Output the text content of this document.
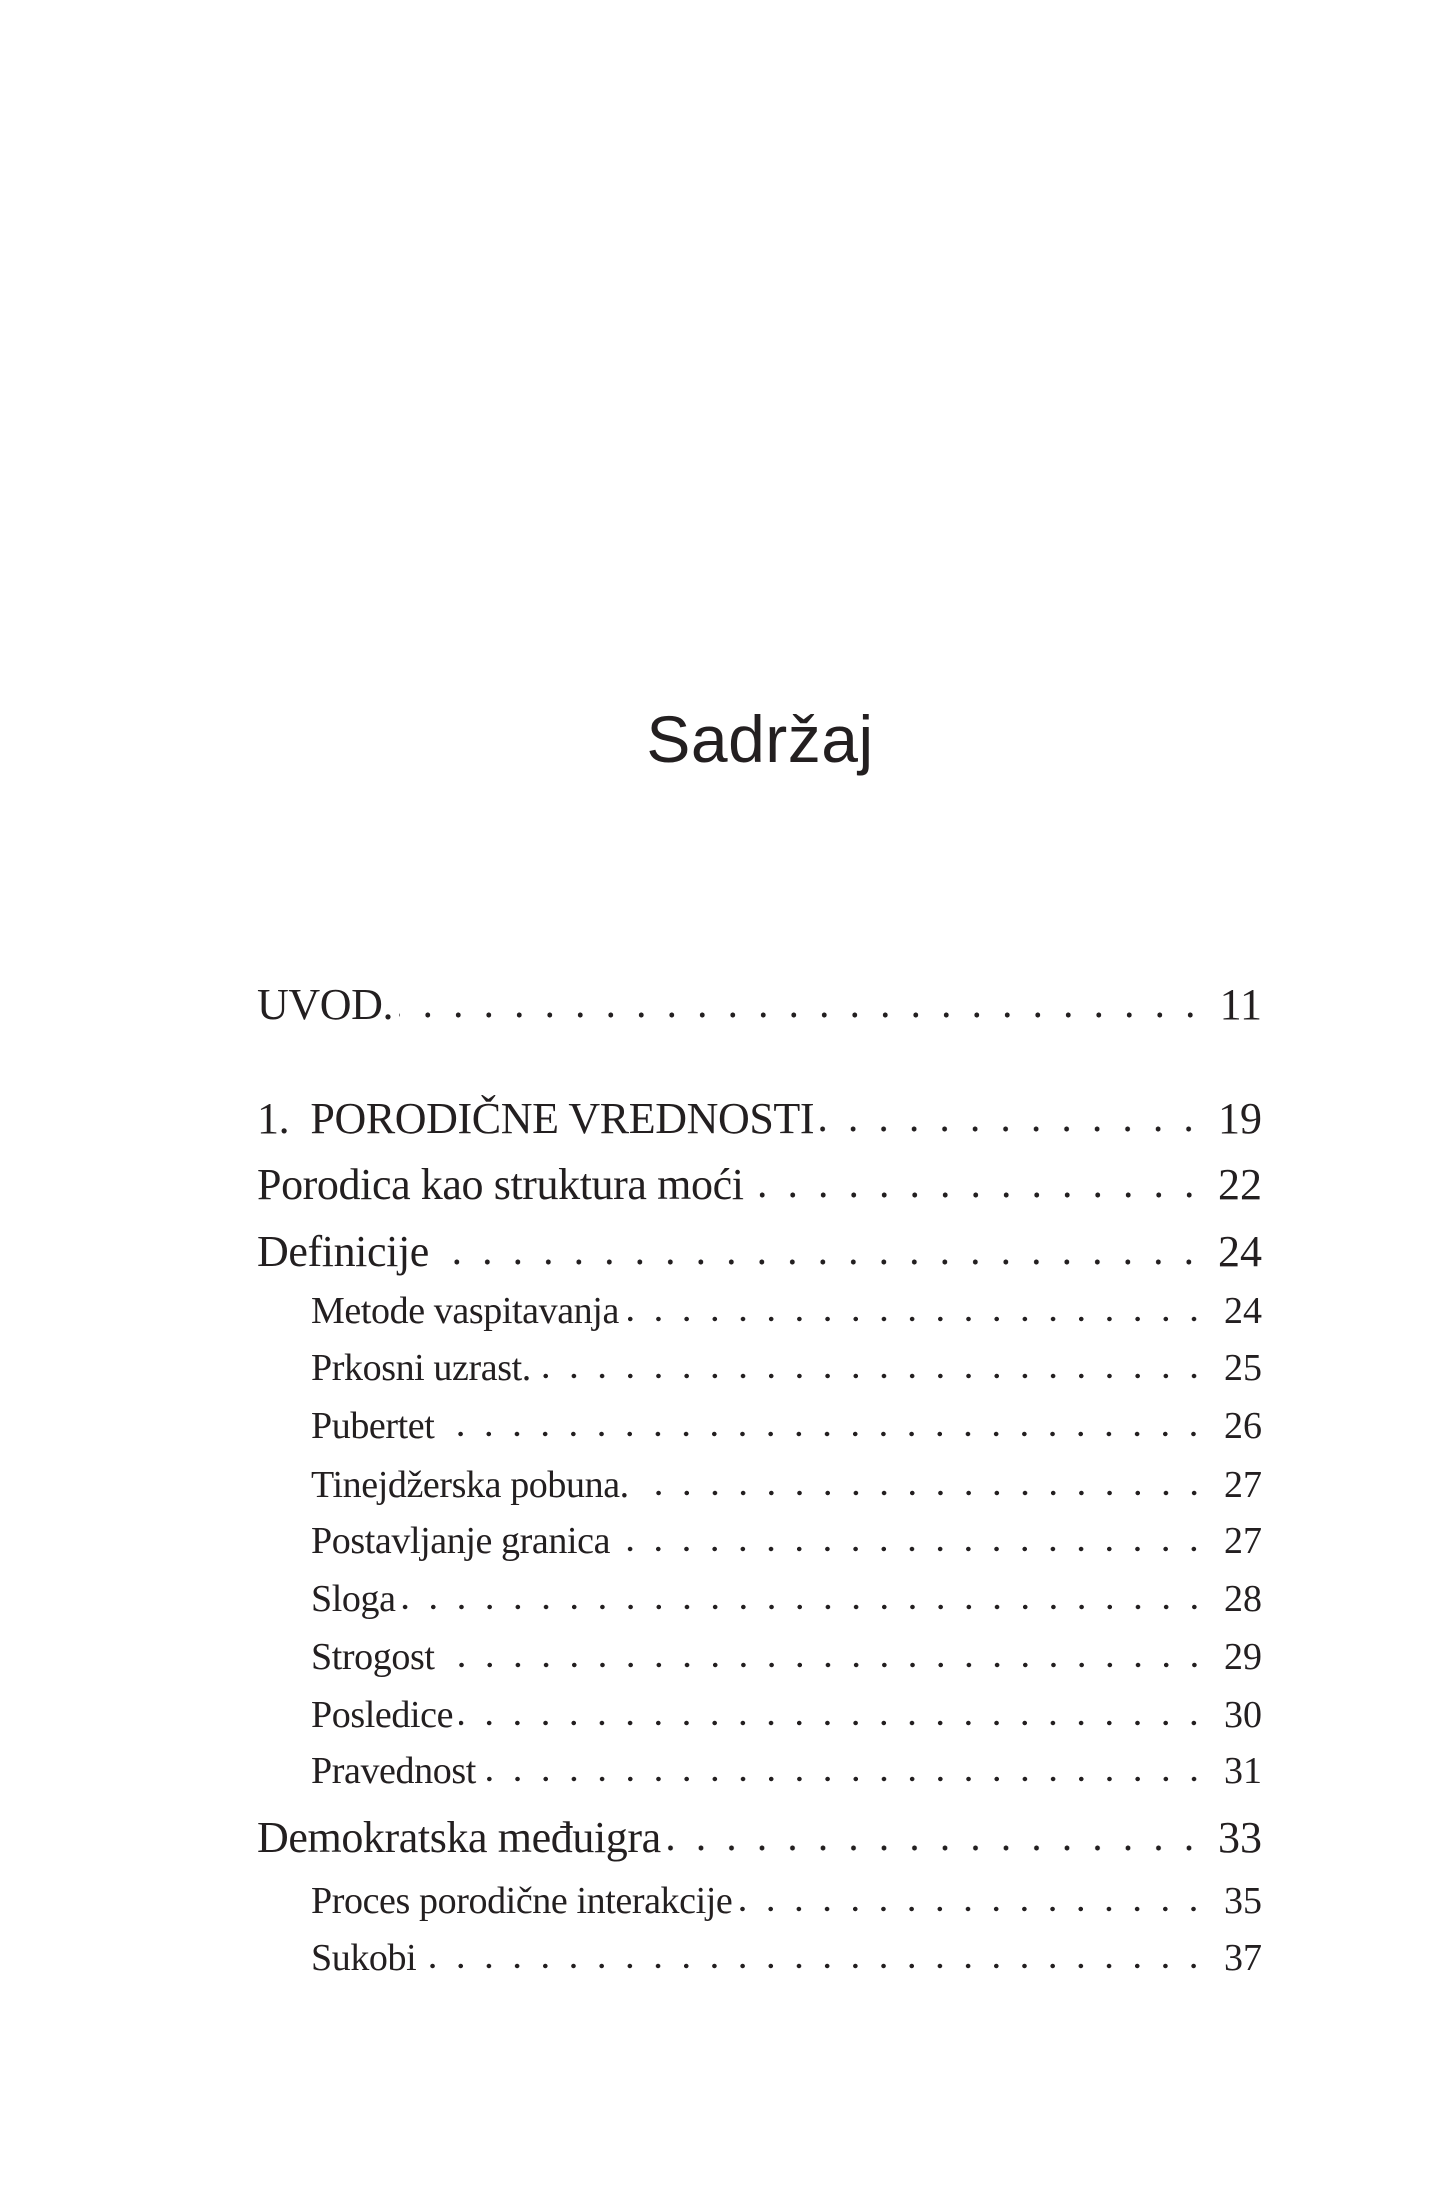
Sadržaj
UVOD.	11
1.  PORODIČNE VREDNOSTI	19
Porodica kao struktura moći	22
Definicije	24
Metode vaspitavanja	24
Prkosni uzrast.	25
Pubertet	26
Tinejdžerska pobuna.	27
Postavljanje granica	27
Sloga	28
Strogost	29
Posledice	30
Pravednost	31
Demokratska međuigra	33
Proces porodične interakcije	35
Sukobi	37
